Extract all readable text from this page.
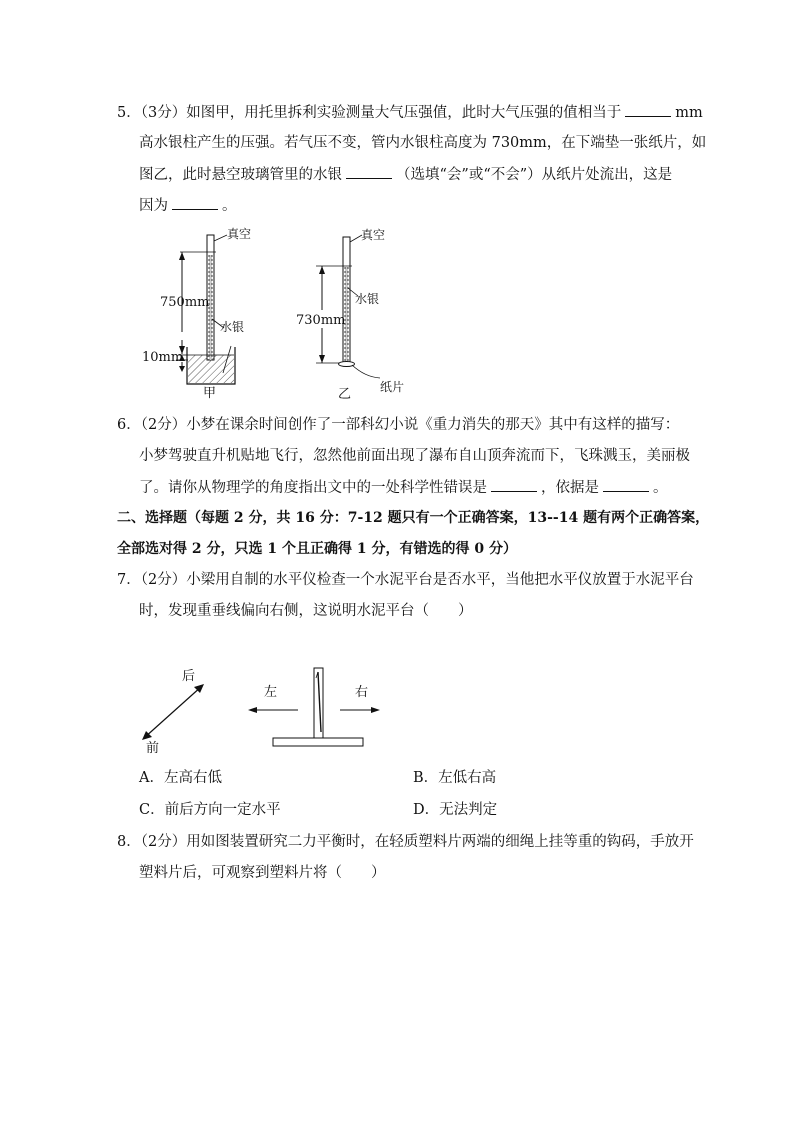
5．（3分）如图甲，用托里拆利实验测量大气压强值，此时大气压强的值相当于	mm
高水银柱产生的压强。若气压不变，管内水银柱高度为 730mm，在下端垫一张纸片，如
图乙，此时悬空玻璃管里的水银	（选填“会”或“不会”）从纸片处流出，这是
因为	。
真空
750mm
水银
10mm
甲
真空
730mm
水银
纸片
乙
6．（2分）小梦在课余时间创作了一部科幻小说《重力消失的那天》其中有这样的描写：
小梦驾驶直升机贴地飞行，忽然他前面出现了瀑布自山顶奔流而下，飞珠溅玉，美丽极
了。请你从物理学的角度指出文中的一处科学性错误是	，依据是	。
二、选择题（每题 2 分，共 16 分：7-12 题只有一个正确答案，13--14 题有两个正确答案，
全部选对得 2 分，只选 1 个且正确得 1 分，有错选的得 0 分）
7．（2分）小梁用自制的水平仪检查一个水泥平台是否水平，当他把水平仪放置于水泥平台
时，发现重垂线偏向右侧，这说明水泥平台（　　）
后
前
左	右
A．左高右低	B．左低右高
C．前后方向一定水平	D．无法判定
8．（2分）用如图装置研究二力平衡时，在轻质塑料片两端的细绳上挂等重的钩码，手放开
塑料片后，可观察到塑料片将（　　）
